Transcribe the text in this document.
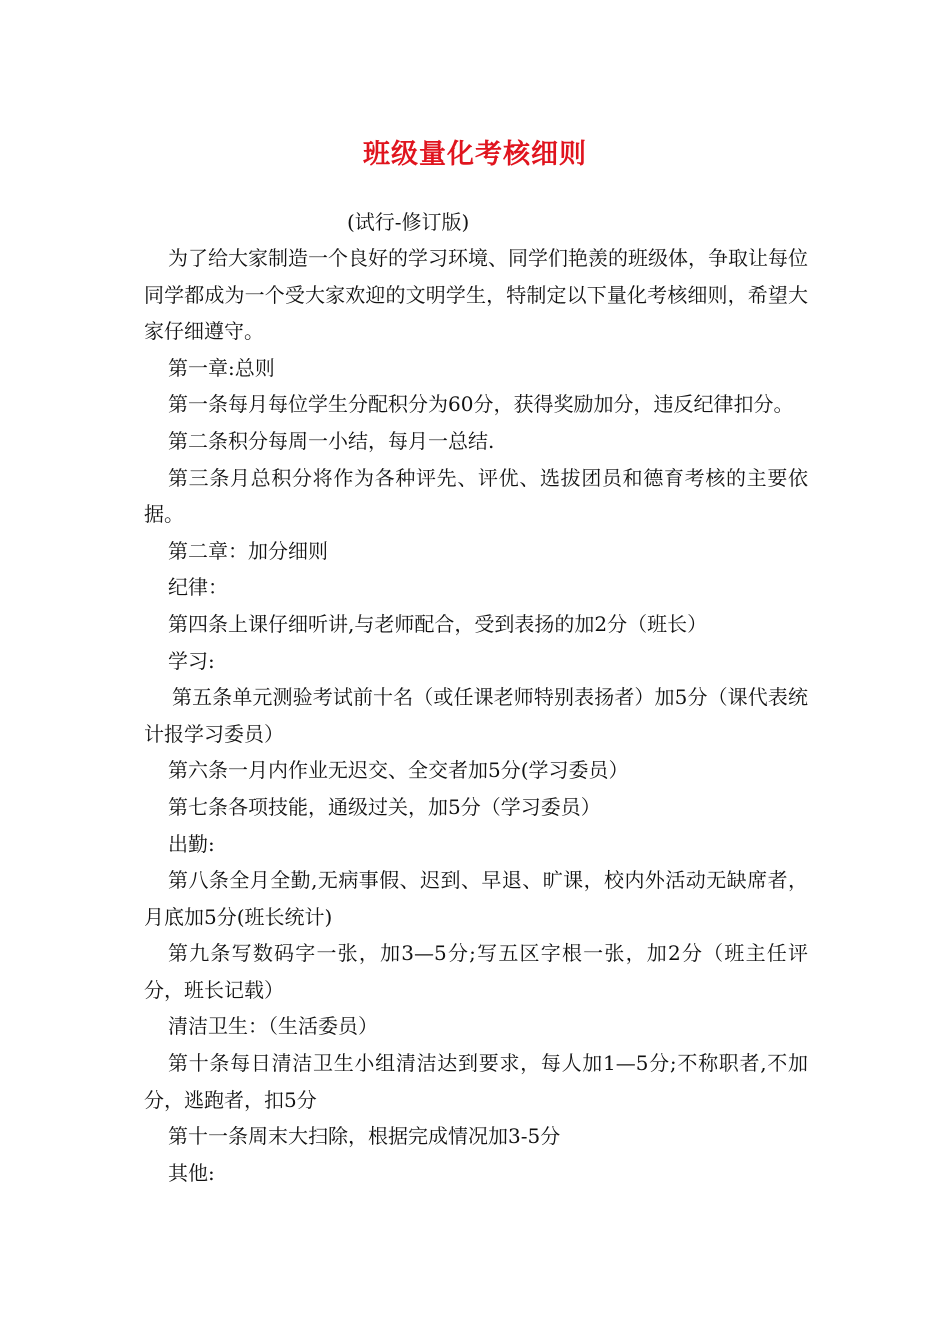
班级量化考核细则
(试行-修订版)

为了给大家制造一个良好的学习环境、同学们艳羡的班级体，争取让每位同学都成为一个受大家欢迎的文明学生，特制定以下量化考核细则，希望大家仔细遵守。

第一章:总则

第一条每月每位学生分配积分为60分，获得奖励加分，违反纪律扣分。

第二条积分每周一小结，每月一总结.

第三条月总积分将作为各种评先、评优、选拔团员和德育考核的主要依据。

第二章：加分细则

纪律：

第四条上课仔细听讲,与老师配合，受到表扬的加2分（班长）

学习:

第五条单元测验考试前十名（或任课老师特别表扬者）加5分（课代表统计报学习委员）

第六条一月内作业无迟交、全交者加5分(学习委员）

第七条各项技能，通级过关，加5分（学习委员）

出勤:

第八条全月全勤,无病事假、迟到、早退、旷课，校内外活动无缺席者，月底加5分(班长统计)

第九条写数码字一张，加3—5分;写五区字根一张，加2分（班主任评分，班长记载）

清洁卫生：（生活委员）

第十条每日清洁卫生小组清洁达到要求，每人加1—5分;不称职者,不加分，逃跑者，扣5分

第十一条周末大扫除，根据完成情况加3-5分

其他:
